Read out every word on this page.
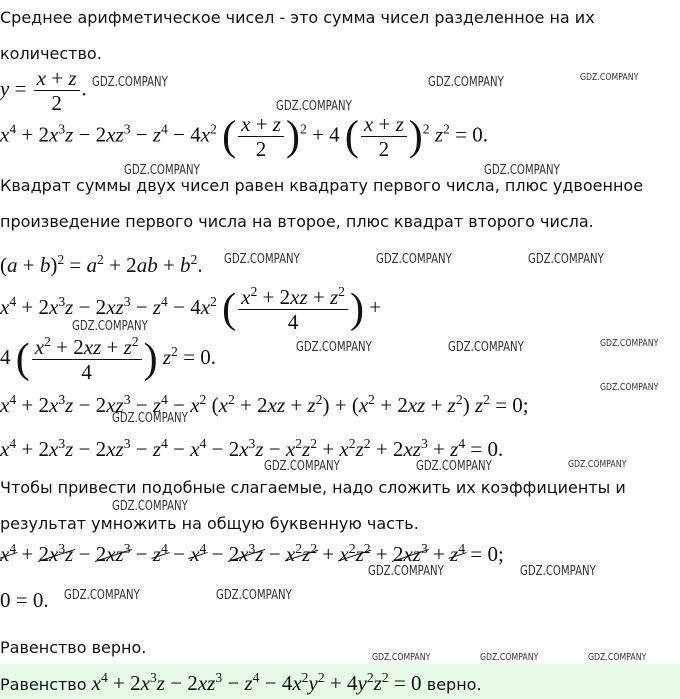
GDZ.COMPANY	GDZ.COMPANY	GDZ.COMPANY
GDZ.COMPANY
GDZ.COMPANY	GDZ.COMPANY
GDZ.COMPANY	GDZ.COMPANY	GDZ.COMPANY
GDZ.COMPANY
GDZ.COMPANY	GDZ.COMPANY	GDZ.COMPANY
GDZ.COMPANY
GDZ.COMPANY
GDZ.COMPANY	GDZ.COMPANY	GDZ.COMPANY
GDZ.COMPANY
GDZ.COMPANY	GDZ.COMPANY
GDZ.COMPANY	GDZ.COMPANY
GDZ.COMPANY	GDZ.COMPANY	GDZ.COMPANY
Среднее арифметическое чисел - это сумма чисел разделенное на их
количество.
$y = \frac{x + z}{2}$ .
$x^4 + 2x^3z - 2xz^3 - z^4 - 4x^2$ ( $\frac{x + z}{2} )^2 + 4$ ( $\frac{x + z}{2} )^2$ $z^2 = 0$.
Квадрат суммы двух чисел равен квадрату первого числа, плюс удвоенное
произведение первого числа на второе, плюс квадрат второго числа.
$(a + b)^2 = a^2 + 2ab + b^2$.
$x^4 + 2x^3z - 2xz^3 - z^4 - 4x^2$ ( $\frac{x^2 + 2xz + z^2}{4}$ ) +
4 ( $\frac{x^2 + 2xz + z^2}{4}$ ) $z^2 = 0$.
$x^4 + 2x^3z - 2xz^3 - z^4 - x^2$ $(x^2 + 2xz + z^2) + (x^2 + 2xz + z^2) z^2 = 0$;
$x^4 + 2x^3z - 2xz^3 - z^4 - x^4 - 2x^3z - x^2z^2 + x^2z^2 + 2xz^3 + z^4 = 0$.
Чтобы привести подобные слагаемые, надо сложить их коэффициенты и
результат умножить на общую буквенную часть.
$x^4 + 2x^3z - 2xz^3 - z^4 - x^4 - 2x^3z - x^2z^2 + x^2z^2 + 2xz^3 + z^4 = 0$;
0 = 0.
Равенство верно.
Равенство $x^4 + 2x^3z - 2xz^3 - z^4 - 4x^2y^2 + 4y^2z^2 = 0$ верно.
